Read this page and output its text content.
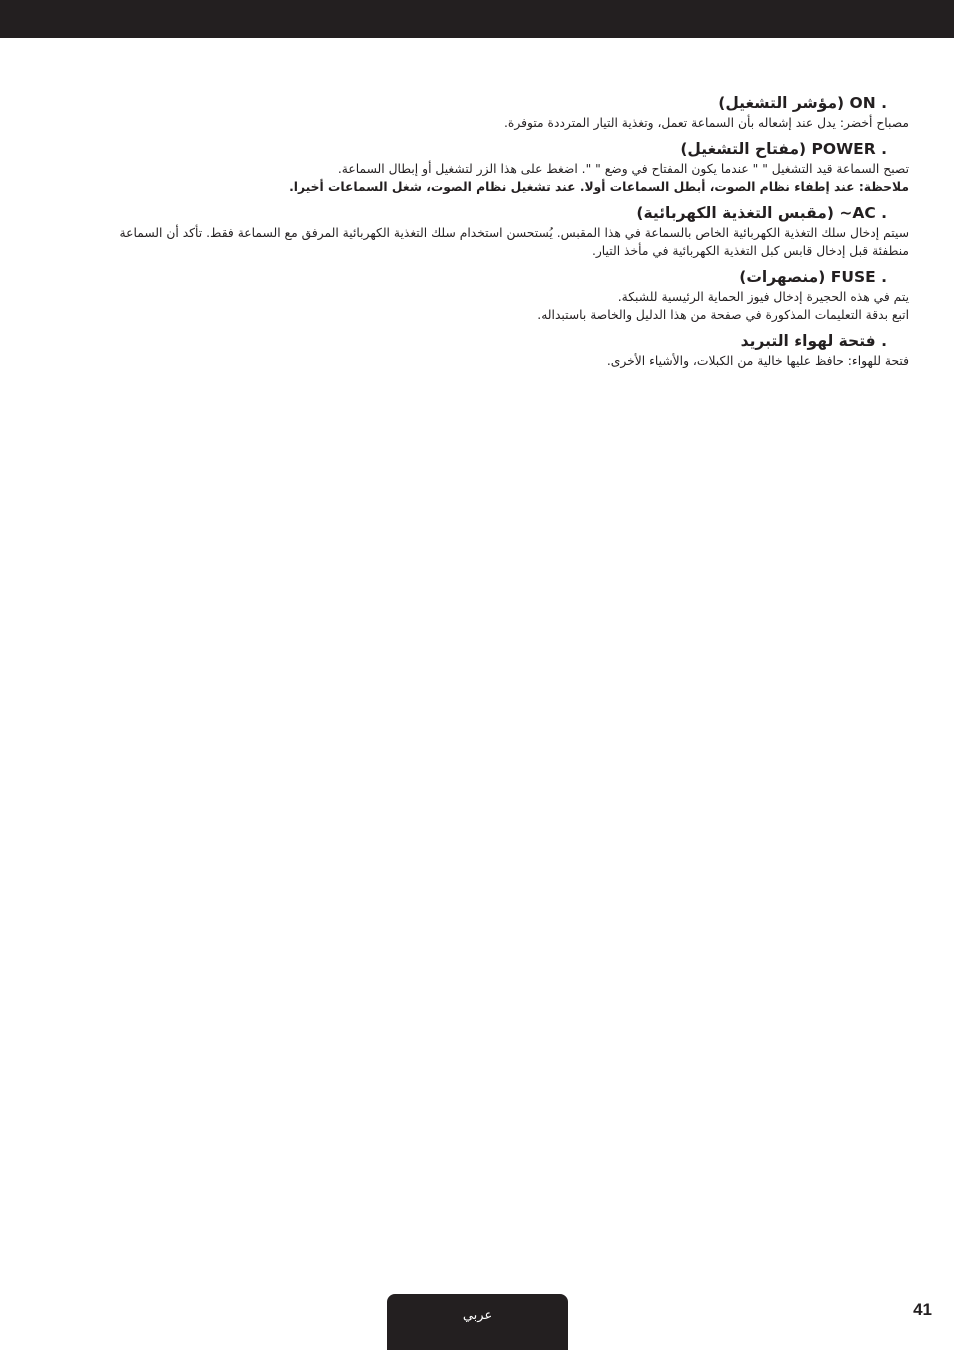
. ON (مؤشر التشغيل)

مصباح أخضر: يدل عند إشعاله بأن السماعة تعمل، وتغذية التيار المترددة متوفرة.

. POWER (مفتاح التشغيل)

تصبح السماعة قيد التشغيل " " عندما يكون المفتاح في وضع " ". اضغط على هذا الزر لتشغيل أو إبطال السماعة.

ملاحظة: عند إطفاء نظام الصوت، أبطل السماعات أولا. عند تشغيل نظام الصوت، شغل السماعات أخيرا.

. AC~ (مقبس التغذية الكهربائية)

سيتم إدخال سلك التغذية الكهربائية الخاص بالسماعة في هذا المقبس. يُستحسن استخدام سلك التغذية الكهربائية المرفق مع السماعة فقط. تأكد أن السماعة منطفئة قبل إدخال قابس كبل التغذية الكهربائية في مأخذ التيار.

. FUSE (منصهرات)

يتم في هذه الحجيرة إدخال فيوز الحماية الرئيسية للشبكة.

اتبع بدقة التعليمات المذكورة في صفحة من هذا الدليل والخاصة باستبداله.

. فتحة لهواء التبريد

فتحة للهواء: حافظ عليها خالية من الكبلات، والأشياء الأخرى.

عربي	41
